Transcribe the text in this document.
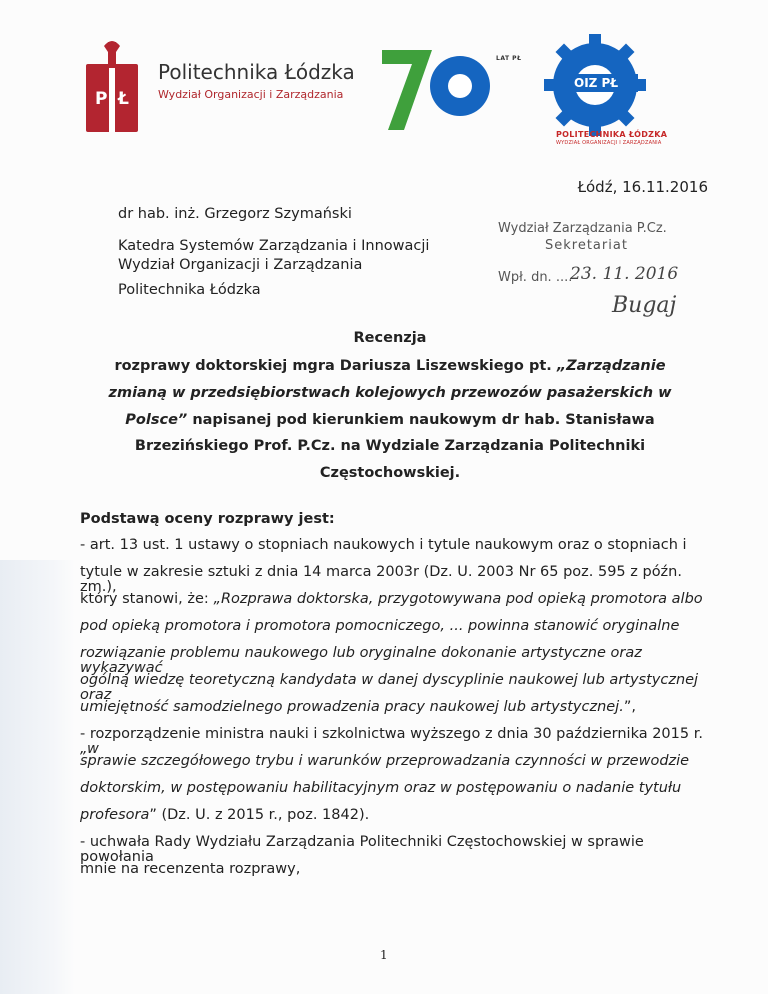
P Ł
Politechnika Łódzka
Wydział Organizacji i Zarządzania
LAT PŁ
OIZ PŁ
POLITECHNIKA ŁÓDZKA
WYDZIAŁ ORGANIZACJI I ZARZĄDZANIA
Łódź, 16.11.2016
dr hab. inż. Grzegorz Szymański
Katedra Systemów Zarządzania i Innowacji
Wydział Organizacji i Zarządzania
Politechnika Łódzka
Wydział Zarządzania P.Cz.
Sekretariat
Wpł. dn. ....
23. 11. 2016
Bugaj
Recenzja
rozprawy doktorskiej mgra Dariusza Liszewskiego pt. „Zarządzanie
zmianą w przedsiębiorstwach kolejowych przewozów pasażerskich w
Polsce” napisanej pod kierunkiem naukowym dr hab. Stanisława
Brzezińskiego Prof. P.Cz. na Wydziale Zarządzania Politechniki
Częstochowskiej.
Podstawą oceny rozprawy jest:
- art. 13 ust. 1 ustawy o stopniach naukowych i tytule naukowym oraz o stopniach i
tytule w zakresie sztuki z dnia 14 marca 2003r (Dz. U. 2003 Nr 65 poz. 595 z późn. zm.),
który stanowi, że: „Rozprawa doktorska, przygotowywana pod opieką promotora albo
pod opieką promotora i promotora pomocniczego, ... powinna stanowić oryginalne
rozwiązanie problemu naukowego lub oryginalne dokonanie artystyczne oraz wykazywać
ogólną wiedzę teoretyczną kandydata w danej dyscyplinie naukowej lub artystycznej oraz
umiejętność samodzielnego prowadzenia pracy naukowej lub artystycznej.”,
- rozporządzenie ministra nauki i szkolnictwa wyższego z dnia 30 października 2015 r. „w
sprawie szczegółowego trybu i warunków przeprowadzania czynności w przewodzie
doktorskim, w postępowaniu habilitacyjnym oraz w postępowaniu o nadanie tytułu
profesora” (Dz. U. z 2015 r., poz. 1842).
- uchwała Rady Wydziału Zarządzania Politechniki Częstochowskiej w sprawie powołania
mnie na recenzenta rozprawy,
1
